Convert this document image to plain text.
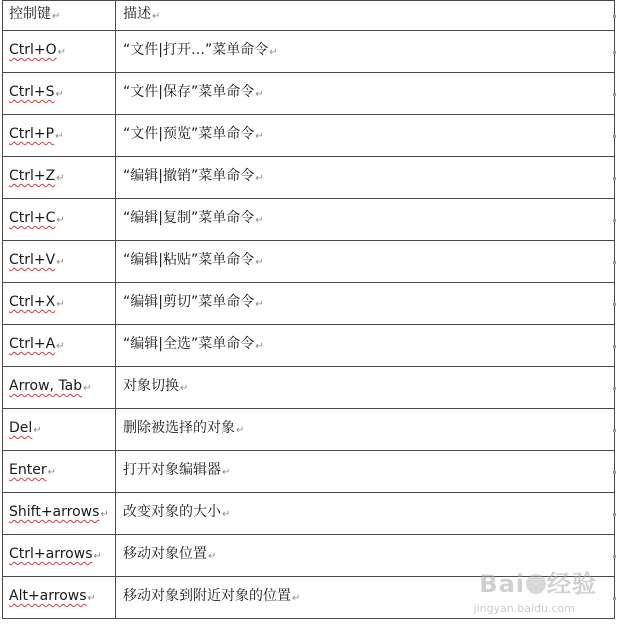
控制键↵	描述↵
Ctrl+O↵	“文件|打开…”菜单命令↵
Ctrl+S↵	“文件|保存”菜单命令↵
Ctrl+P↵	“文件|预览”菜单命令↵
Ctrl+Z↵	“编辑|撤销”菜单命令↵
Ctrl+C↵	“编辑|复制”菜单命令↵
Ctrl+V↵	“编辑|粘贴”菜单命令↵
Ctrl+X↵	“编辑|剪切”菜单命令↵
Ctrl+A↵	“编辑|全选”菜单命令↵
Arrow, Tab↵	对象切换↵
Del↵	删除被选择的对象↵
Enter↵	打开对象编辑器↵
Shift+arrows↵	改变对象的大小↵
Ctrl+arrows↵	移动对象位置↵
Alt+arrows↵	移动对象到附近对象的位置↵
Bai 经验
jingyan.baidu.com
